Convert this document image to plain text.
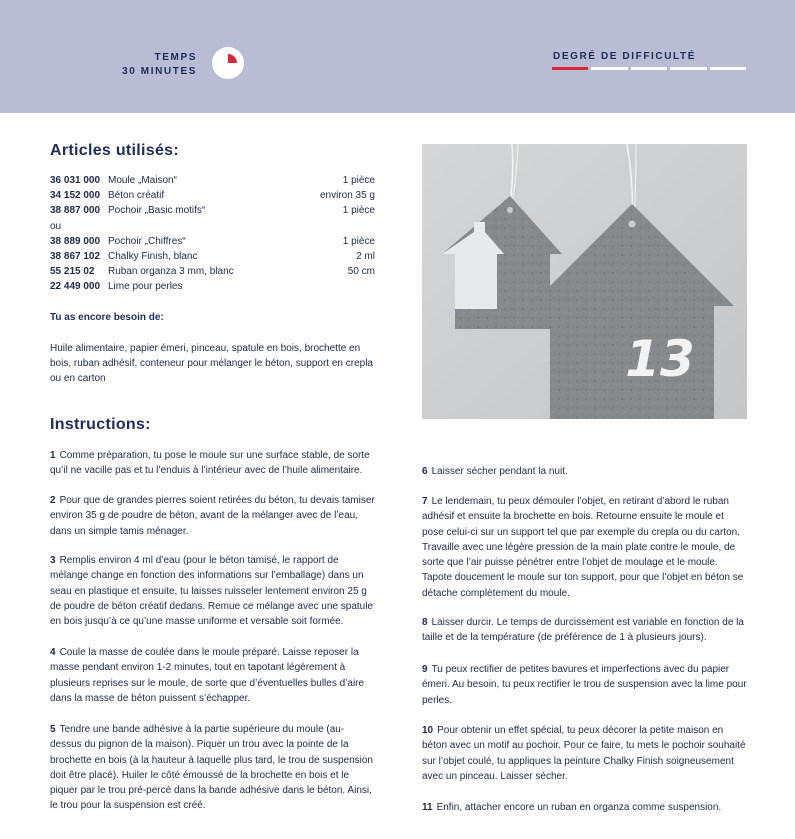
TEMPS
30 MINUTES
DEGRÉ DE DIFFICULTÉ
Articles utilisés:
36 031 000	Moule „Maison“	1 pièce
34 152 000	Béton créatif	environ 35 g
38 887 000	Pochoir „Basic motifs“	1 pièce
ou		
38 889 000	Pochoir „Chiffres“	1 pièce
38 867 102	Chalky Finish, blanc	2 ml
55 215 02	Ruban organza 3 mm, blanc	50 cm
22 449 000	Lime pour perles	
Tu as encore besoin de:
Huile alimentaire, papier émeri, pinceau, spatule en bois, brochette en bois, ruban adhésif, conteneur pour mélanger le béton, support en crepla ou en carton	13
Instructions:

1 Comme préparation, tu pose le moule sur une surface stable, de sorte qu’il ne vacille pas et tu l’enduis à l’intérieur avec de l’huile alimentaire.

2 Pour que de grandes pierres soient retirées du béton, tu devais tamiser environ 35 g de poudre de béton, avant de la mélanger avec de l’eau, dans un simple tamis ménager.

3 Remplis environ 4 ml d’eau (pour le béton tamisé, le rapport de mélange change en fonction des informations sur l’emballage) dans un seau en plastique et ensuite, tu laisses ruisseler lentement environ 25 g de poudre de béton créatif dedans. Remue ce mélange avec une spatule en bois jusqu’à ce qu’une masse uniforme et versable soit formée.

4 Coule la masse de coulée dans le moule préparé. Laisse reposer la masse pendant environ 1-2 minutes, tout en tapotant légèrement à plusieurs reprises sur le moule, de sorte que d’éventuelles bulles d’aire dans la masse de béton puissent s’échapper.

5 Tendre une bande adhésive à la partie supérieure du moule (au-dessus du pignon de la maison). Piquer un trou avec la pointe de la brochette en bois (à la hauteur à laquelle plus tard, le trou de suspension doit être placé). Huiler le côté émoussé de la brochette en bois et le piquer par le trou pré-percé dans la bande adhésive dans le béton. Ainsi, le trou pour la suspension est créé.

6 Laisser sécher pendant la nuit.

7 Le lendemain, tu peux démouler l’objet, en retirant d’abord le ruban adhésif et ensuite la brochette en bois. Retourne ensuite le moule et pose celui-ci sur un support tel que par exemple du crepla ou du carton. Travaille avec une légère pression de la main plate contre le moule, de sorte que l’air puisse pénétrer entre l’objet de moulage et le moule. Tapote doucement le moule sur ton support, pour que l’objet en béton se détache complètement du moule.

8 Laisser durcir. Le temps de durcissement est variable en fonction de la taille et de la température (de préférence de 1 à plusieurs jours).

9 Tu peux rectifier de petites bavures et imperfections avec du papier émeri. Au besoin, tu peux rectifier le trou de suspension avec la lime pour perles.

10 Pour obtenir un effet spécial, tu peux décorer la petite maison en béton avec un motif au pochoir. Pour ce faire, tu mets le pochoir souhaité sur l’objet coulé, tu appliques la peinture Chalky Finish soigneusement avec un pinceau. Laisser sécher.

11 Enfin, attacher encore un ruban en organza comme suspension.
